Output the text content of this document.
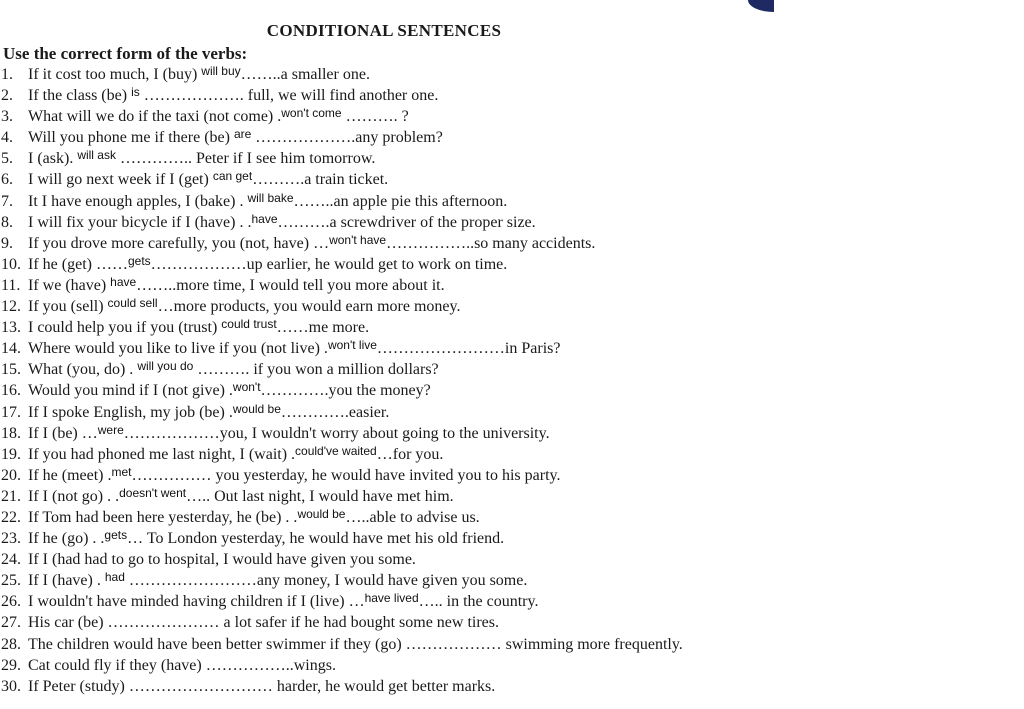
CONDITIONAL SENTENCES
Use the correct form of the verbs:
1. If it cost too much, I (buy) $^{will buy}$……..a smaller one.
2. If the class (be) $^{is}$ ………………. full, we will find another one.
3. What will we do if the taxi (not come) .$^{won't come}$ ………. ?
4. Will you phone me if there (be) $^{are}$ ……………….any problem?
5. I (ask). $^{will ask}$ ………….. Peter if I see him tomorrow.
6. I will go next week if I (get) $^{can get}$……….a train ticket.
7. It I have enough apples, I (bake) . $^{will bake}$……..an apple pie this afternoon.
8. I will fix your bicycle if I (have) . .$^{have}$……….a screwdriver of the proper size.
9. If you drove more carefully, you (not, have) …$^{won't have}$……………..so many accidents.
10. If he (get) ……$^{gets}$………………up earlier, he would get to work on time.
11. If we (have) $^{have}$……..more time, I would tell you more about it.
12. If you (sell) $^{could sell}$…more products, you would earn more money.
13. I could help you if you (trust) $^{could trust}$……me more.
14. Where would you like to live if you (not live) .$^{won't live}$……………………in Paris?
15. What (you, do) . $^{will you do}$ ………. if you won a million dollars?
16. Would you mind if I (not give) .$^{won't}$………….you the money?
17. If I spoke English, my job (be) .$^{would be}$………….easier.
18. If I (be) …$^{were}$………………you, I wouldn't worry about going to the university.
19. If you had phoned me last night, I (wait) .$^{could've waited}$…for you.
20. If he (meet) .$^{met}$…………… you yesterday, he would have invited you to his party.
21. If I (not go) . .$^{doesn't went}$….. Out last night, I would have met him.
22. If Tom had been here yesterday, he (be) . .$^{would be}$…..able to advise us.
23. If he (go) . .$^{gets}$… To London yesterday, he would have met his old friend.
24. If I (had had to go to hospital, I would have given you some.
25. If I (have) . $^{had}$ ……………………any money, I would have given you some.
26. I wouldn't have minded having children if I (live) …$^{have lived}$….. in the country.
27. His car (be) ………………… a lot safer if he had bought some new tires.
28. The children would have been better swimmer if they (go) ……………… swimming more frequently.
29. Cat could fly if they (have) ……………..wings.
30. If Peter (study) ……………………… harder, he would get better marks.
